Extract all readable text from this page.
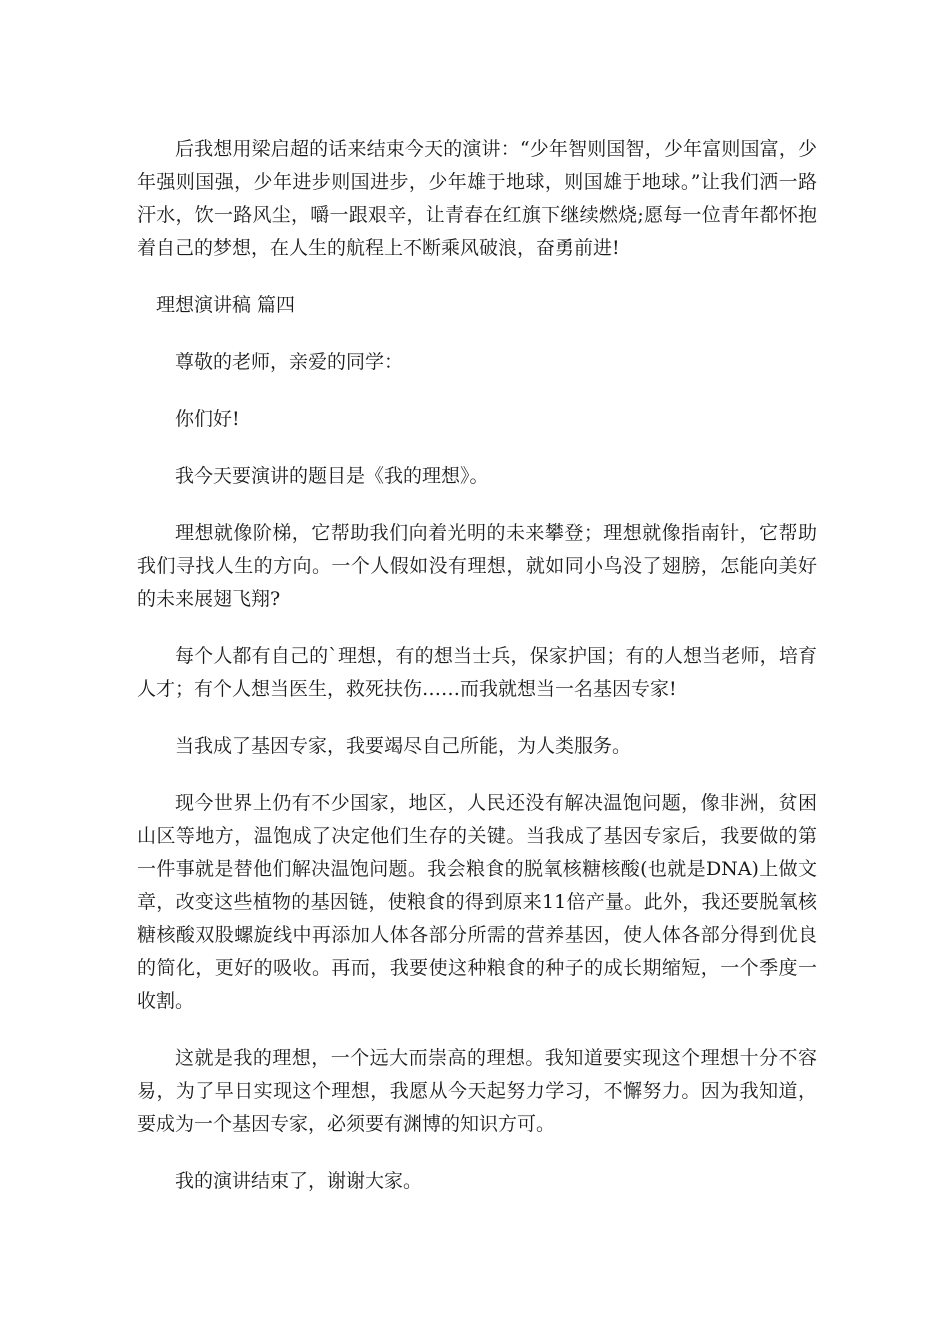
后我想用梁启超的话来结束今天的演讲：“少年智则国智，少年富则国富，少年强则国强，少年进步则国进步，少年雄于地球，则国雄于地球。”让我们洒一路汗水，饮一路风尘，嚼一跟艰辛，让青春在红旗下继续燃烧;愿每一位青年都怀抱着自己的梦想，在人生的航程上不断乘风破浪，奋勇前进!

理想演讲稿 篇四

尊敬的老师，亲爱的同学：

你们好!

我今天要演讲的题目是《我的理想》。

理想就像阶梯，它帮助我们向着光明的未来攀登；理想就像指南针，它帮助我们寻找人生的方向。一个人假如没有理想，就如同小鸟没了翅膀，怎能向美好的未来展翅飞翔?

每个人都有自己的`理想，有的想当士兵，保家护国；有的人想当老师，培育人才；有个人想当医生，救死扶伤……而我就想当一名基因专家!

当我成了基因专家，我要竭尽自己所能，为人类服务。

现今世界上仍有不少国家，地区，人民还没有解决温饱问题，像非洲，贫困山区等地方，温饱成了决定他们生存的关键。当我成了基因专家后，我要做的第一件事就是替他们解决温饱问题。我会粮食的脱氧核糖核酸(也就是DNA)上做文章，改变这些植物的基因链，使粮食的得到原来11倍产量。此外，我还要脱氧核糖核酸双股螺旋线中再添加人体各部分所需的营养基因，使人体各部分得到优良的简化，更好的吸收。再而，我要使这种粮食的种子的成长期缩短，一个季度一收割。

这就是我的理想，一个远大而崇高的理想。我知道要实现这个理想十分不容易，为了早日实现这个理想，我愿从今天起努力学习，不懈努力。因为我知道，要成为一个基因专家，必须要有渊博的知识方可。

我的演讲结束了，谢谢大家。
